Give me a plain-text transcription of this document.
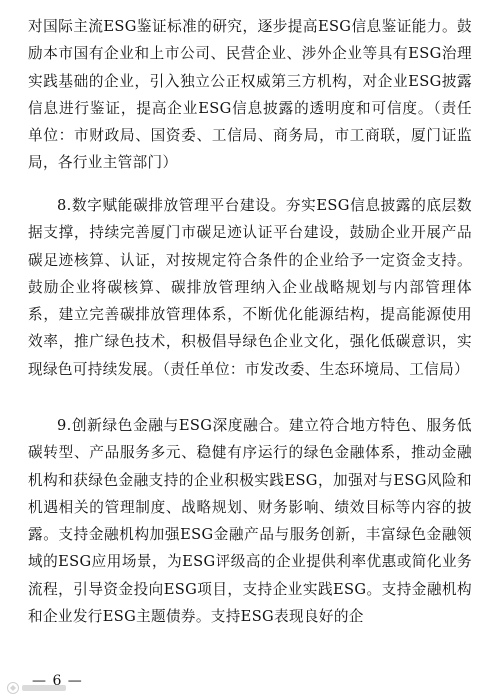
对国际主流ESG鉴证标准的研究，逐步提高ESG信息鉴证能力。鼓励本市国有企业和上市公司、民营企业、涉外企业等具有ESG治理实践基础的企业，引入独立公正权威第三方机构，对企业ESG披露信息进行鉴证，提高企业ESG信息披露的透明度和可信度。（责任单位：市财政局、国资委、工信局、商务局，市工商联，厦门证监局，各行业主管部门）

8.数字赋能碳排放管理平台建设。夯实ESG信息披露的底层数据支撑，持续完善厦门市碳足迹认证平台建设，鼓励企业开展产品碳足迹核算、认证，对按规定符合条件的企业给予一定资金支持。鼓励企业将碳核算、碳排放管理纳入企业战略规划与内部管理体系，建立完善碳排放管理体系，不断优化能源结构，提高能源使用效率，推广绿色技术，积极倡导绿色企业文化，强化低碳意识，实现绿色可持续发展。（责任单位：市发改委、生态环境局、工信局）

9.创新绿色金融与ESG深度融合。建立符合地方特色、服务低碳转型、产品服务多元、稳健有序运行的绿色金融体系，推动金融机构和获绿色金融支持的企业积极实践ESG，加强对与ESG风险和机遇相关的管理制度、战略规划、财务影响、绩效目标等内容的披露。支持金融机构加强ESG金融产品与服务创新，丰富绿色金融领域的ESG应用场景，为ESG评级高的企业提供利率优惠或简化业务流程，引导资金投向ESG项目，支持企业实践ESG。支持金融机构和企业发行ESG主题债券。支持ESG表现良好的企

— 6 —
